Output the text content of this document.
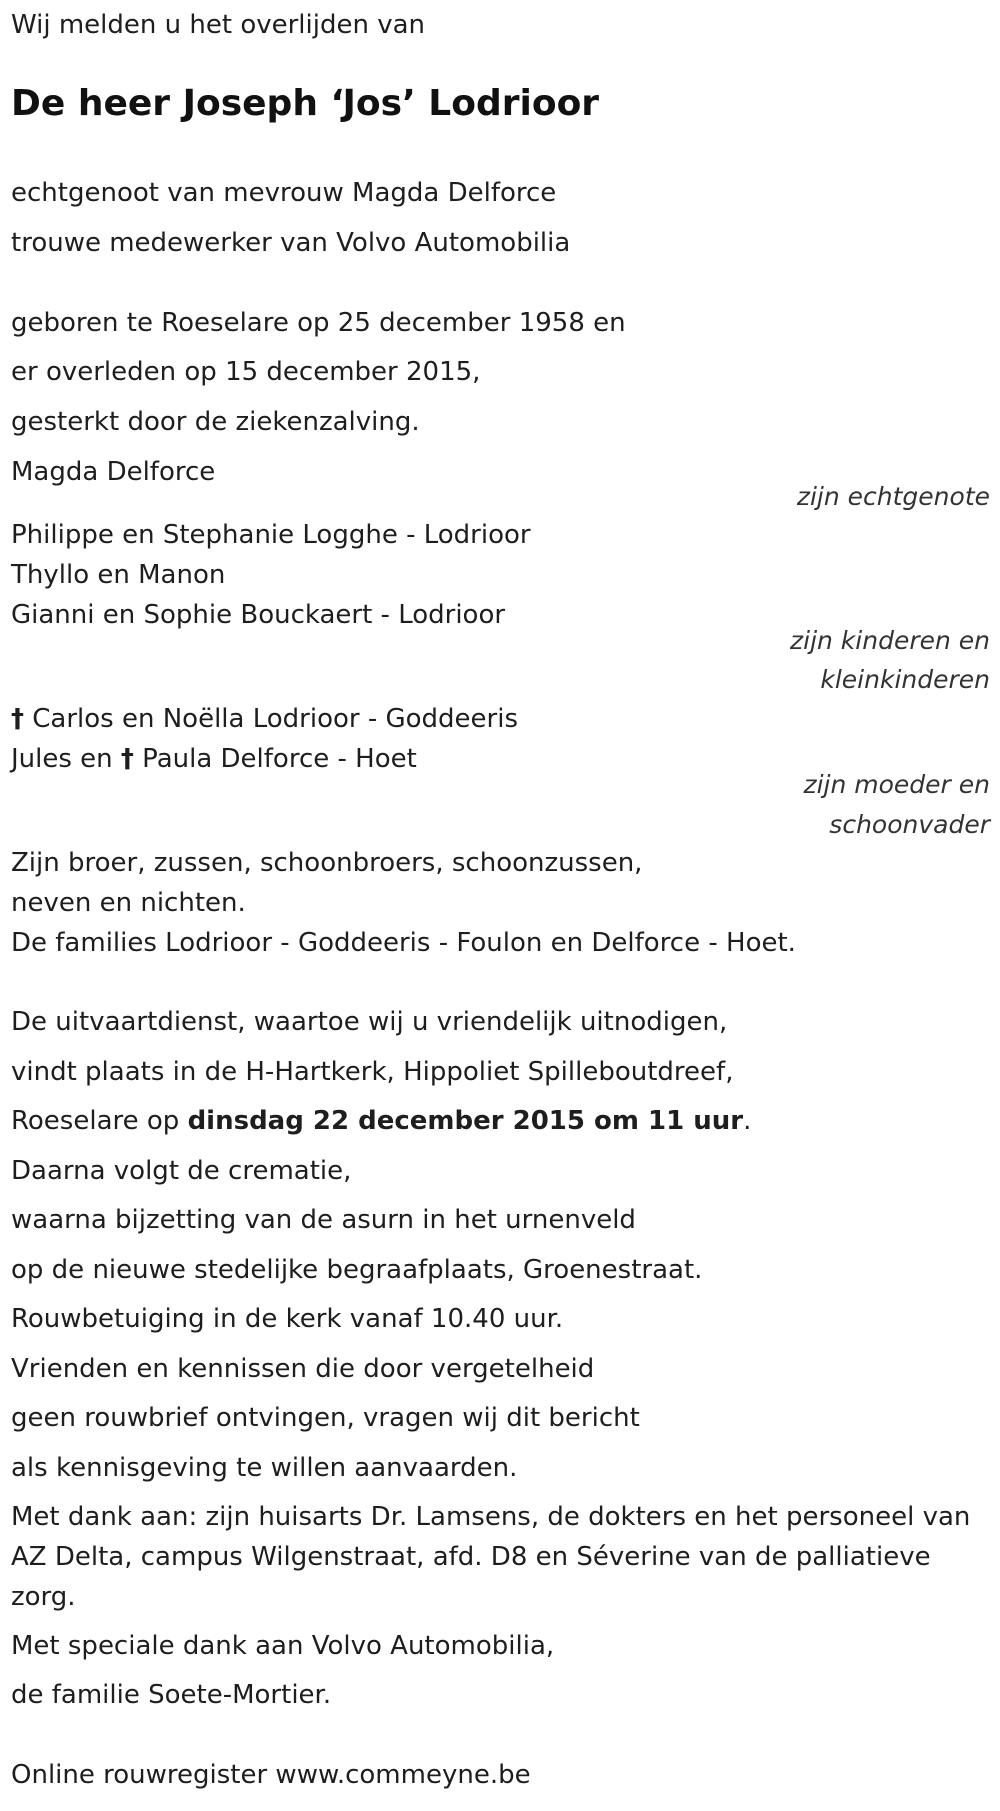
Wij melden u het overlijden van

De heer Joseph ‘Jos’ Lodrioor

echtgenoot van mevrouw Magda Delforce

trouwe medewerker van Volvo Automobilia

geboren te Roeselare op 25 december 1958 en

er overleden op 15 december 2015,

gesterkt door de ziekenzalving.

Magda Delforce

zijn echtgenote

Philippe en Stephanie Logghe - Lodrioor

Thyllo en Manon

Gianni en Sophie Bouckaert - Lodrioor

zijn kinderen en

kleinkinderen

† Carlos en Noëlla Lodrioor - Goddeeris

Jules en † Paula Delforce - Hoet

zijn moeder en

schoonvader

Zijn broer, zussen, schoonbroers, schoonzussen,

neven en nichten.

De families Lodrioor - Goddeeris - Foulon en Delforce - Hoet.

De uitvaartdienst, waartoe wij u vriendelijk uitnodigen,

vindt plaats in de H-Hartkerk, Hippoliet Spilleboutdreef,

Roeselare op dinsdag 22 december 2015 om 11 uur.

Daarna volgt de crematie,

waarna bijzetting van de asurn in het urnenveld

op de nieuwe stedelijke begraafplaats, Groenestraat.

Rouwbetuiging in de kerk vanaf 10.40 uur.

Vrienden en kennissen die door vergetelheid

geen rouwbrief ontvingen, vragen wij dit bericht

als kennisgeving te willen aanvaarden.

Met dank aan: zijn huisarts Dr. Lamsens, de dokters en het personeel van

AZ Delta, campus Wilgenstraat, afd. D8 en Séverine van de palliatieve

zorg.

Met speciale dank aan Volvo Automobilia,

de familie Soete-Mortier.

Online rouwregister www.commeyne.be
